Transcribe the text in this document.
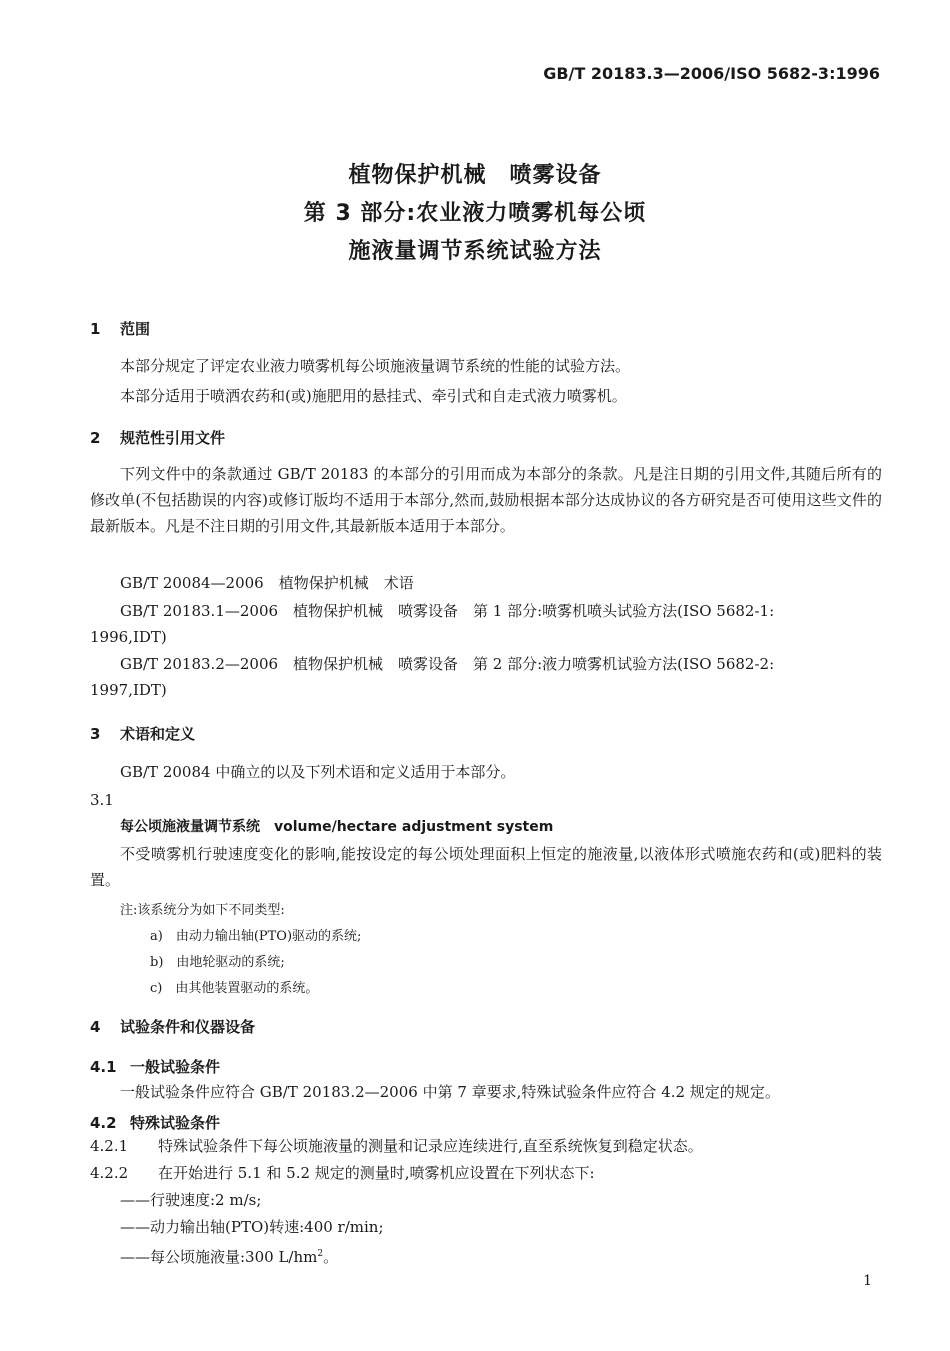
GB/T 20183.3—2006/ISO 5682-3:1996
植物保护机械　喷雾设备
第 3 部分:农业液力喷雾机每公顷
施液量调节系统试验方法
1 范围
本部分规定了评定农业液力喷雾机每公顷施液量调节系统的性能的试验方法。
本部分适用于喷洒农药和(或)施肥用的悬挂式、牵引式和自走式液力喷雾机。
2 规范性引用文件
下列文件中的条款通过 GB/T 20183 的本部分的引用而成为本部分的条款。凡是注日期的引用文件,其随后所有的修改单(不包括勘误的内容)或修订版均不适用于本部分,然而,鼓励根据本部分达成协议的各方研究是否可使用这些文件的最新版本。凡是不注日期的引用文件,其最新版本适用于本部分。
GB/T 20084—2006　植物保护机械　术语
GB/T 20183.1—2006　植物保护机械　喷雾设备　第 1 部分:喷雾机喷头试验方法(ISO 5682-1:
1996,IDT)
GB/T 20183.2—2006　植物保护机械　喷雾设备　第 2 部分:液力喷雾机试验方法(ISO 5682-2:
1997,IDT)
3 术语和定义
GB/T 20084 中确立的以及下列术语和定义适用于本部分。
3.1
每公顷施液量调节系统　volume/hectare adjustment system
不受喷雾机行驶速度变化的影响,能按设定的每公顷处理面积上恒定的施液量,以液体形式喷施农药和(或)肥料的装置。
注:该系统分为如下不同类型:
a)　由动力输出轴(PTO)驱动的系统;
b)　由地轮驱动的系统;
c)　由其他装置驱动的系统。
4 试验条件和仪器设备
4.1 一般试验条件
一般试验条件应符合 GB/T 20183.2—2006 中第 7 章要求,特殊试验条件应符合 4.2 规定的规定。
4.2 特殊试验条件
4.2.1 特殊试验条件下每公顷施液量的测量和记录应连续进行,直至系统恢复到稳定状态。
4.2.2 在开始进行 5.1 和 5.2 规定的测量时,喷雾机应设置在下列状态下:
——行驶速度:2 m/s;
——动力输出轴(PTO)转速:400 r/min;
——每公顷施液量:300 $L/hm^2$。
1
